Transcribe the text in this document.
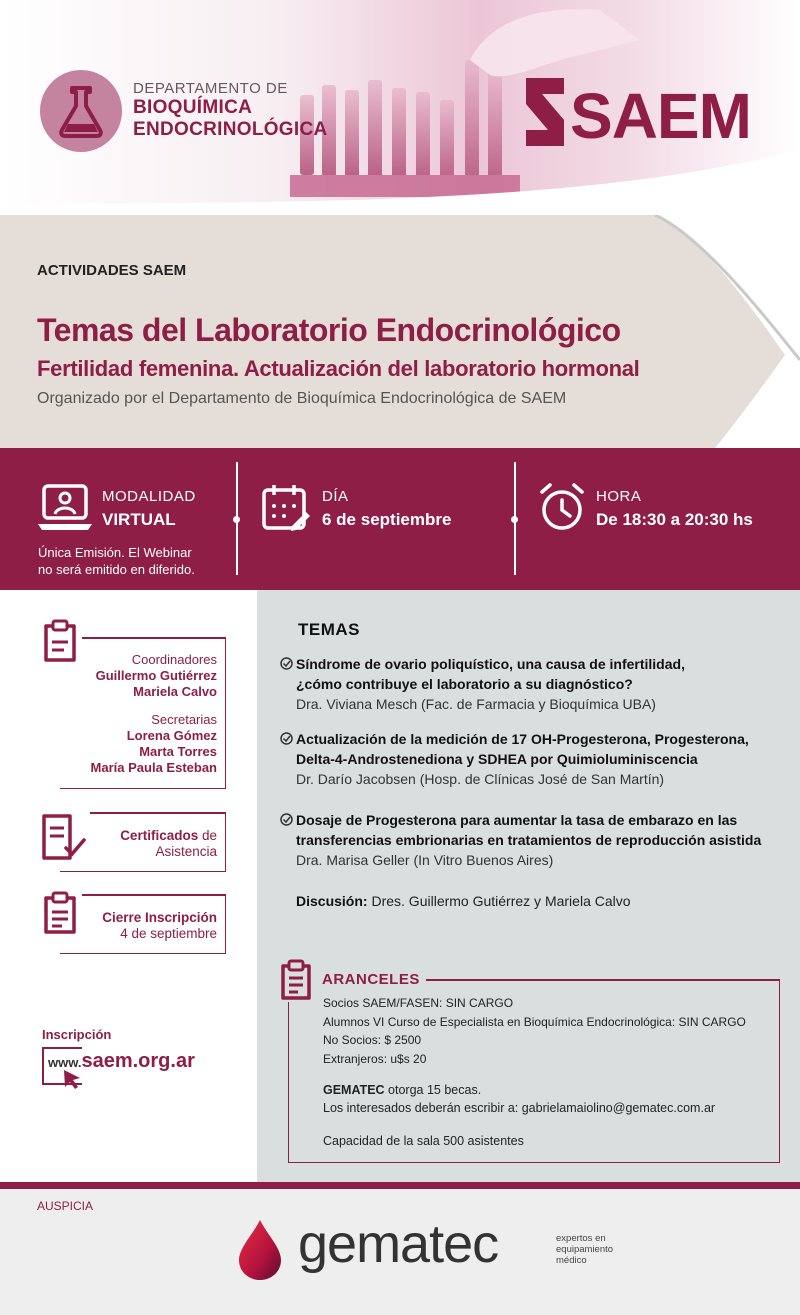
DEPARTAMENTO DE
BIOQUÍMICA
ENDOCRINOLÓGICA	SAEM
ACTIVIDADES SAEM
Temas del Laboratorio Endocrinológico
Fertilidad femenina. Actualización del laboratorio hormonal
Organizado por el Departamento de Bioquímica Endocrinológica de SAEM
MODALIDAD
VIRTUAL
Única Emisión. El Webinar
no será emitido en diferido.
DÍA
6 de septiembre
HORA
De 18:30 a 20:30 hs
Coordinadores
Guillermo Gutiérrez
Mariela Calvo
Secretarias
Lorena Gómez
Marta Torres
María Paula Esteban
Certificados de
Asistencia
Cierre Inscripción
4 de septiembre
Inscripción
www.saem.org.ar
TEMAS
Síndrome de ovario poliquístico, una causa de infertilidad,
¿cómo contribuye el laboratorio a su diagnóstico?
Dra. Viviana Mesch (Fac. de Farmacia y Bioquímica UBA)
Actualización de la medición de 17 OH-Progesterona, Progesterona,
Delta-4-Androstenediona y SDHEA por Quimioluminiscencia
Dr. Darío Jacobsen (Hosp. de Clínicas José de San Martín)
Dosaje de Progesterona para aumentar la tasa de embarazo en las
transferencias embrionarias en tratamientos de reproducción asistida
Dra. Marisa Geller (In Vitro Buenos Aires)
Discusión: Dres. Guillermo Gutiérrez y Mariela Calvo
ARANCELES
Socios SAEM/FASEN: SIN CARGO
Alumnos VI Curso de Especialista en Bioquímica Endocrinológica: SIN CARGO
No Socios: $ 2500
Extranjeros: u$s 20
GEMATEC otorga 15 becas.
Los interesados deberán escribir a: gabrielamaiolino@gematec.com.ar
Capacidad de la sala 500 asistentes
AUSPICIA
gematec	expertos en
equipamiento
médico
